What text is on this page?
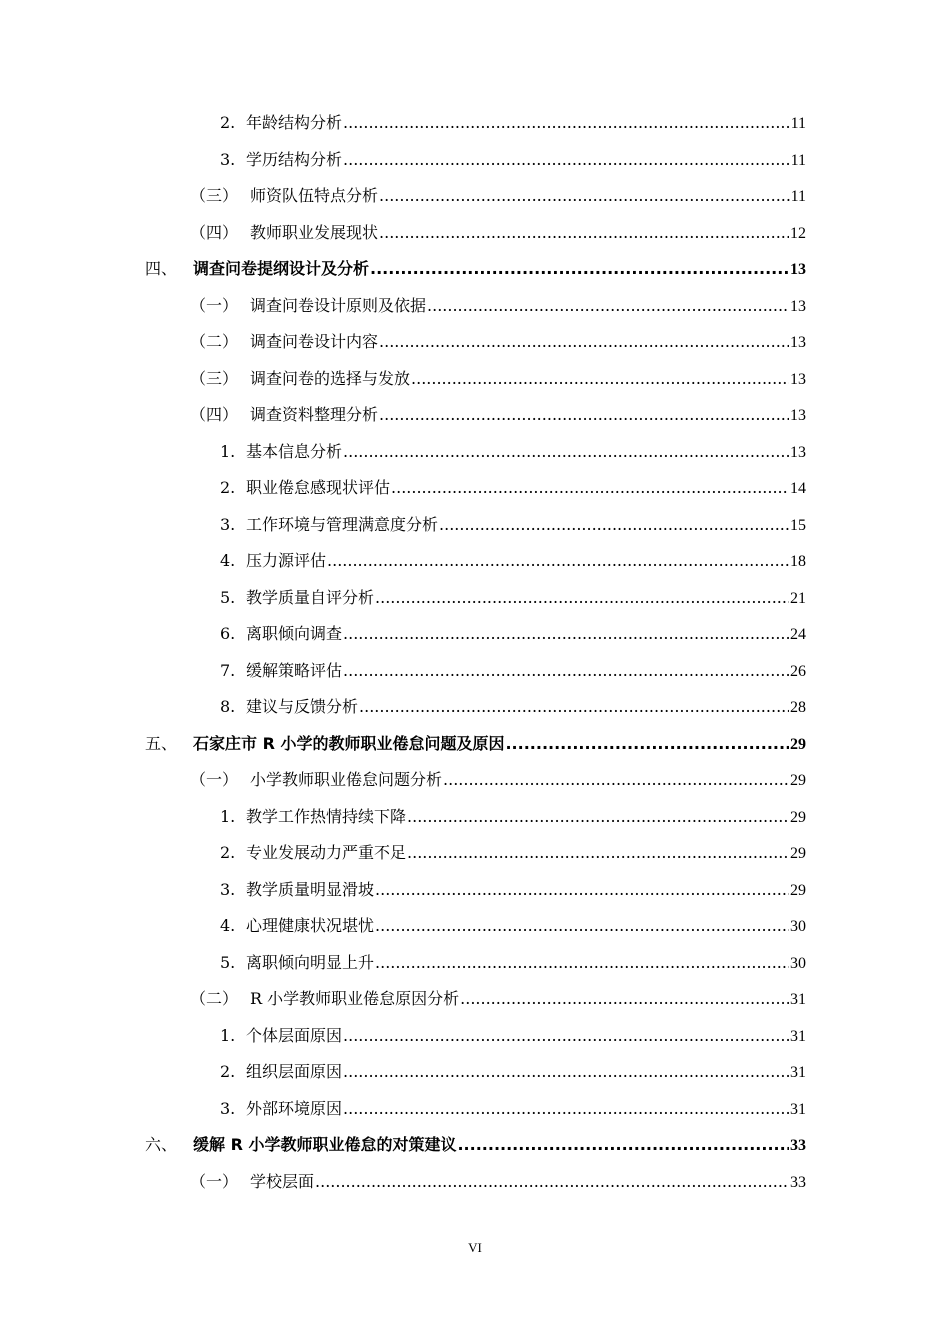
2. 年龄结构分析 .....	11
3. 学历结构分析 .....	11
（三） 师资队伍特点分析 .....	11
（四） 教师职业发展现状 .....	12
四、 调查问卷提纲设计及分析 .....	13
（一） 调查问卷设计原则及依据 .....	13
（二） 调查问卷设计内容 .....	13
（三） 调查问卷的选择与发放 .....	13
（四） 调查资料整理分析 .....	13
1. 基本信息分析 .....	13
2. 职业倦怠感现状评估 .....	14
3. 工作环境与管理满意度分析 .....	15
4. 压力源评估 .....	18
5. 教学质量自评分析 .....	21
6. 离职倾向调查 .....	24
7. 缓解策略评估 .....	26
8. 建议与反馈分析 .....	28
五、 石家庄市 R 小学的教师职业倦怠问题及原因 .....	29
（一） 小学教师职业倦怠问题分析 .....	29
1. 教学工作热情持续下降 .....	29
2. 专业发展动力严重不足 .....	29
3. 教学质量明显滑坡 .....	29
4. 心理健康状况堪忧 .....	30
5. 离职倾向明显上升 .....	30
（二） R 小学教师职业倦怠原因分析 .....	31
1. 个体层面原因 .....	31
2. 组织层面原因 .....	31
3. 外部环境原因 .....	31
六、 缓解 R 小学教师职业倦怠的对策建议 .....	33
（一） 学校层面 .....	33
VI
